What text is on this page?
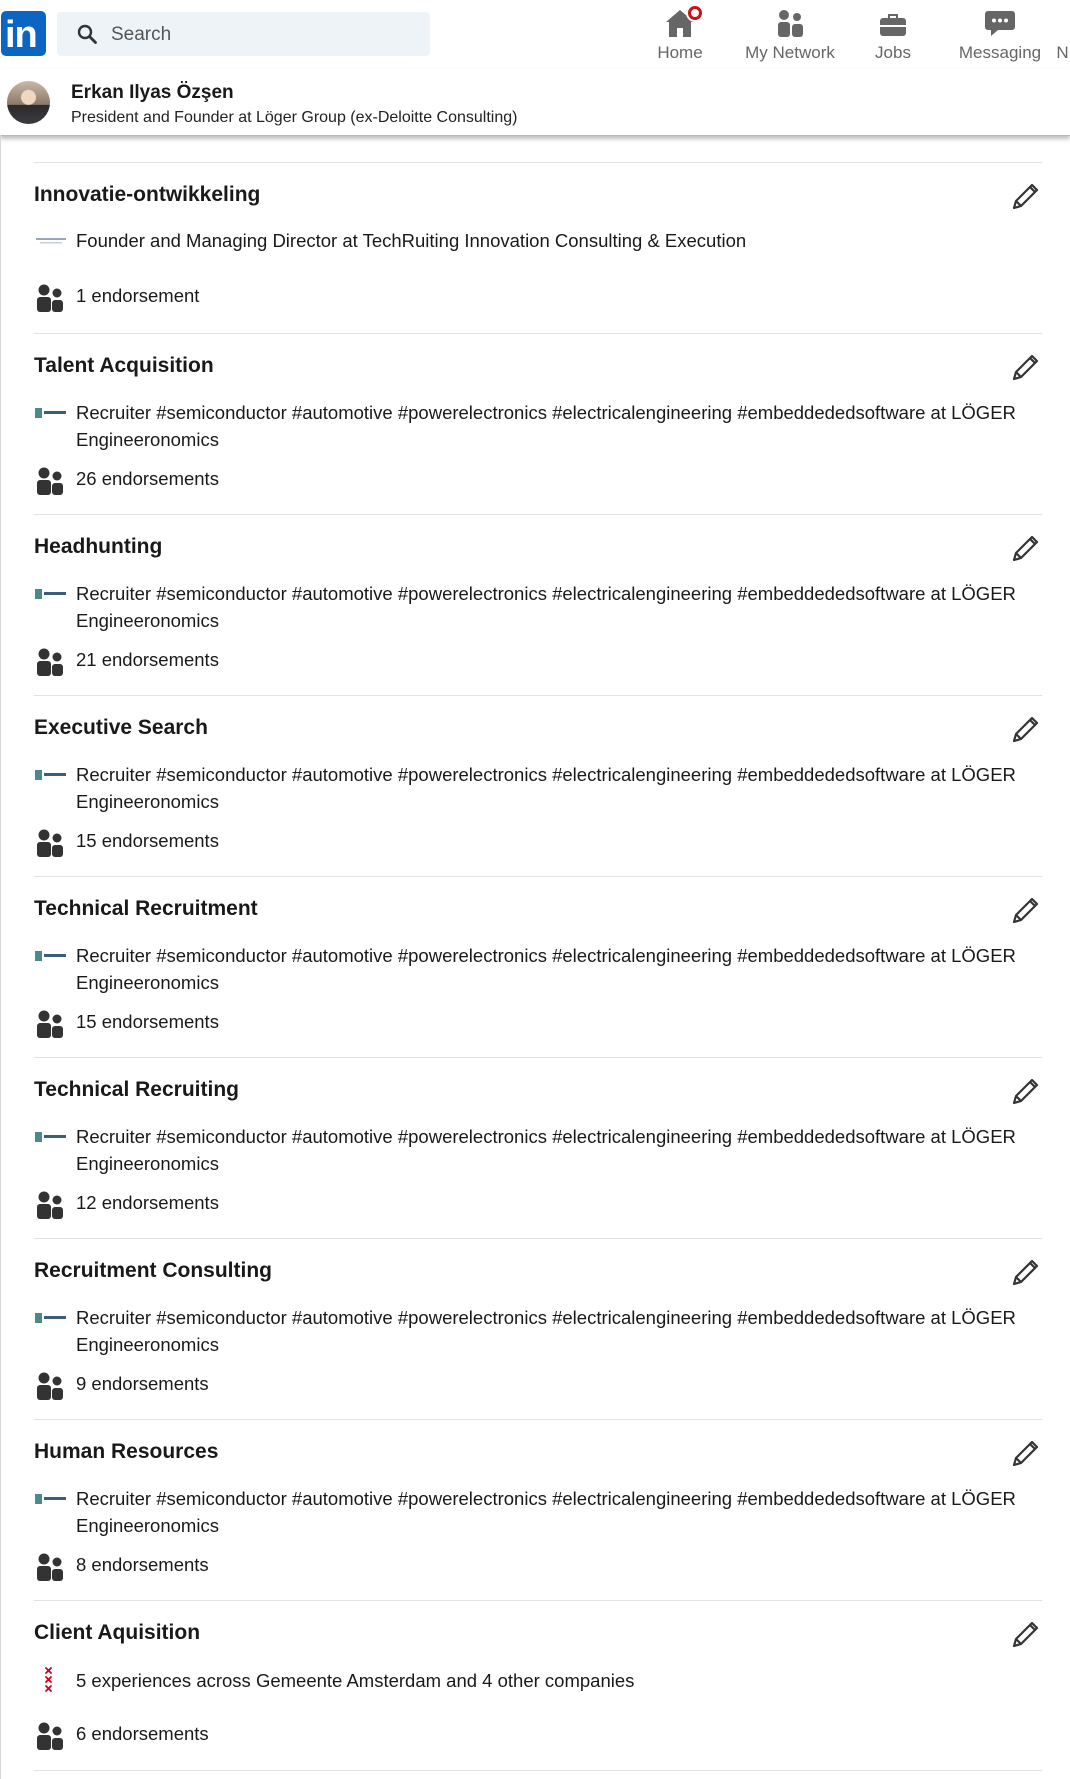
in
Search	Home	My Network	Jobs	Messaging N
Erkan Ilyas Özşen
President and Founder at Löger Group (ex-Deloitte Consulting)
Innovatie-ontwikkeling
Founder and Managing Director at TechRuiting Innovation Consulting & Execution
1 endorsement
Talent Acquisition
Recruiter #semiconductor #automotive #powerelectronics #electricalengineering #embeddededsoftware at LÖGER Engineeronomics
26 endorsements
Headhunting
Recruiter #semiconductor #automotive #powerelectronics #electricalengineering #embeddededsoftware at LÖGER Engineeronomics
21 endorsements
Executive Search
Recruiter #semiconductor #automotive #powerelectronics #electricalengineering #embeddededsoftware at LÖGER Engineeronomics
15 endorsements
Technical Recruitment
Recruiter #semiconductor #automotive #powerelectronics #electricalengineering #embeddededsoftware at LÖGER Engineeronomics
15 endorsements
Technical Recruiting
Recruiter #semiconductor #automotive #powerelectronics #electricalengineering #embeddededsoftware at LÖGER Engineeronomics
12 endorsements
Recruitment Consulting
Recruiter #semiconductor #automotive #powerelectronics #electricalengineering #embeddededsoftware at LÖGER Engineeronomics
9 endorsements
Human Resources
Recruiter #semiconductor #automotive #powerelectronics #electricalengineering #embeddededsoftware at LÖGER Engineeronomics
8 endorsements
Client Aquisition
5 experiences across Gemeente Amsterdam and 4 other companies
6 endorsements
